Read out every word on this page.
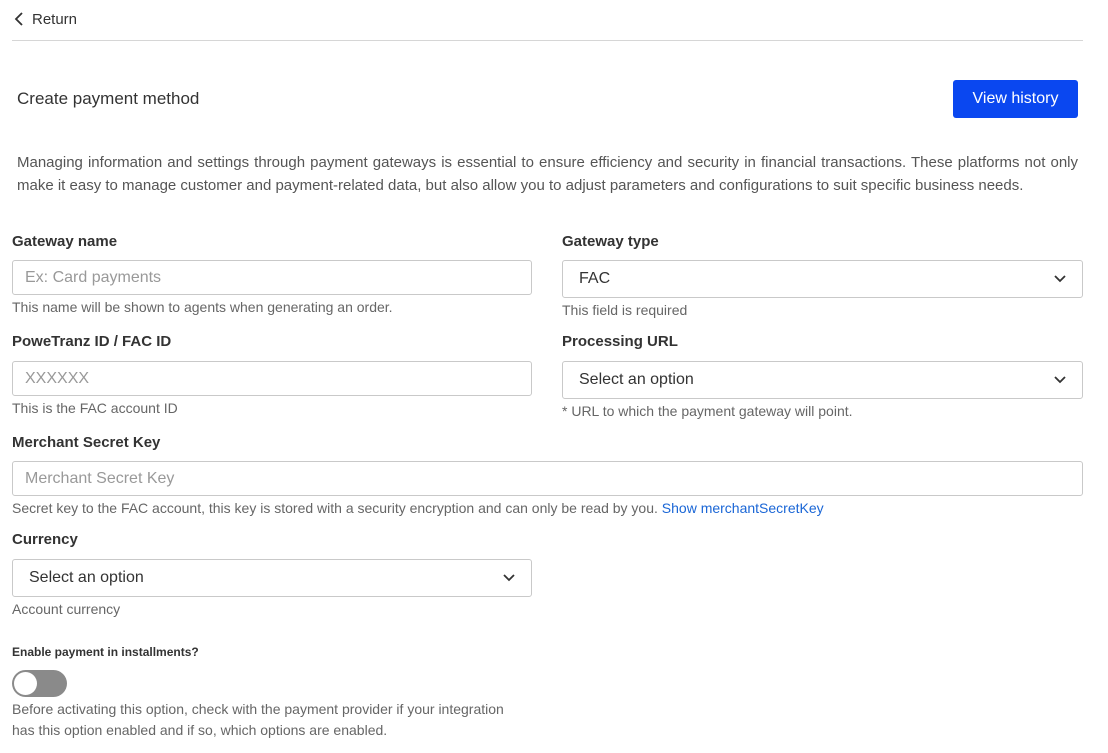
Return
Create payment method	View history

Managing information and settings through payment gateways is essential to ensure efficiency and security in financial transactions. These platforms not only make it easy to manage customer and payment-related data, but also allow you to adjust parameters and configurations to suit specific business needs.

Gateway name
Ex: Card payments
This name will be shown to agents when generating an order.
Gateway type
FAC
This field is required
PoweTranz ID / FAC ID
XXXXXX
This is the FAC account ID
Processing URL
Select an option
* URL to which the payment gateway will point.
Merchant Secret Key
Merchant Secret Key
Secret key to the FAC account, this key is stored with a security encryption and can only be read by you. Show merchantSecretKey
Currency
Select an option
Account currency
Enable payment in installments?
Before activating this option, check with the payment provider if your integration
has this option enabled and if so, which options are enabled.
